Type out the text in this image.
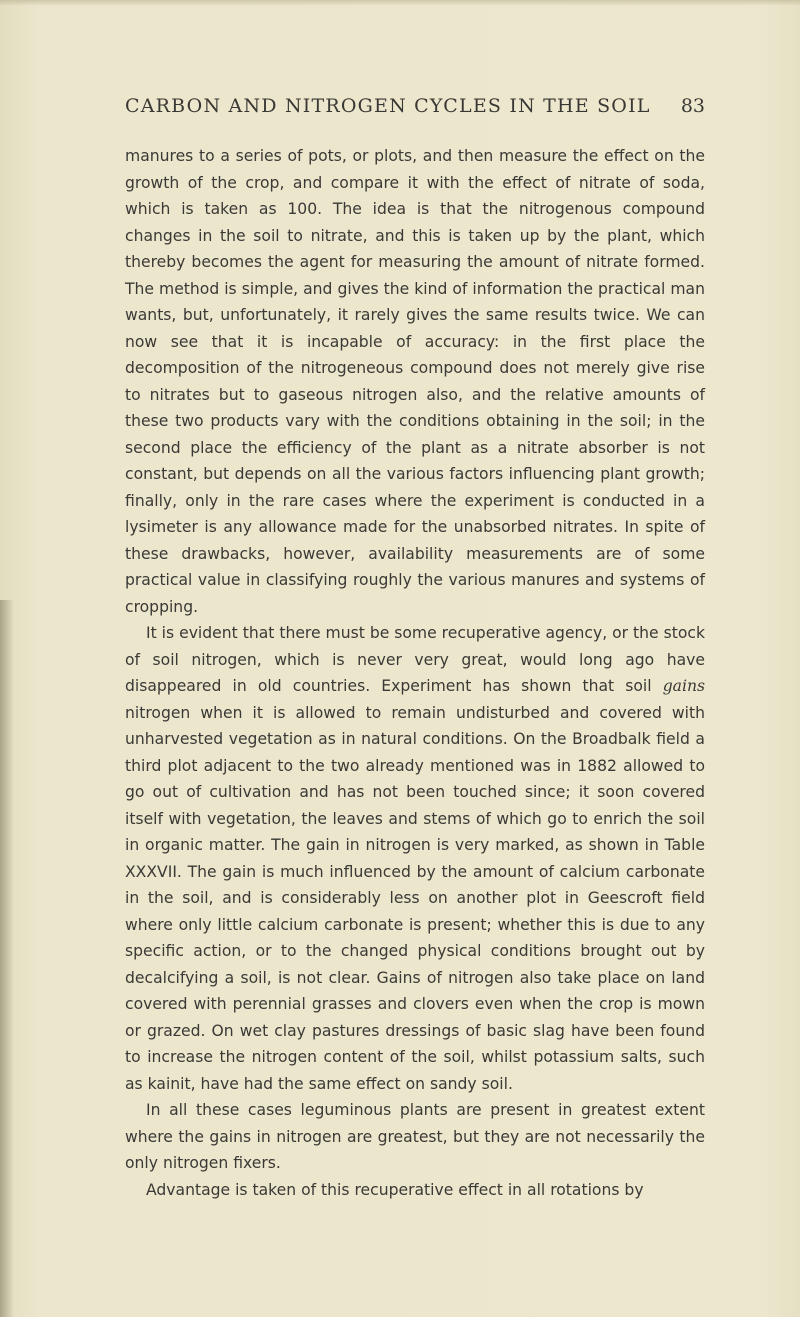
CARBON AND NITROGEN CYCLES IN THE SOIL 83

manures to a series of pots, or plots, and then measure the effect on the growth of the crop, and compare it with the effect of nitrate of soda, which is taken as 100. The idea is that the nitrogenous compound changes in the soil to nitrate, and this is taken up by the plant, which thereby becomes the agent for measuring the amount of nitrate formed. The method is simple, and gives the kind of information the practical man wants, but, unfortunately, it rarely gives the same results twice. We can now see that it is incapable of accuracy: in the first place the decomposition of the nitrogeneous compound does not merely give rise to nitrates but to gaseous nitrogen also, and the relative amounts of these two products vary with the conditions obtaining in the soil; in the second place the efficiency of the plant as a nitrate absorber is not constant, but depends on all the various factors influencing plant growth; finally, only in the rare cases where the experiment is conducted in a lysimeter is any allowance made for the unabsorbed nitrates. In spite of these drawbacks, however, availability measurements are of some practical value in classifying roughly the various manures and systems of cropping.

It is evident that there must be some recuperative agency, or the stock of soil nitrogen, which is never very great, would long ago have disappeared in old countries. Experiment has shown that soil gains nitrogen when it is allowed to remain undisturbed and covered with unharvested vegetation as in natural conditions. On the Broadbalk field a third plot adjacent to the two already mentioned was in 1882 allowed to go out of cultivation and has not been touched since; it soon covered itself with vegetation, the leaves and stems of which go to enrich the soil in organic matter. The gain in nitrogen is very marked, as shown in Table XXXVII. The gain is much influenced by the amount of calcium carbonate in the soil, and is considerably less on another plot in Geescroft field where only little calcium carbonate is present; whether this is due to any specific action, or to the changed physical conditions brought out by decalcifying a soil, is not clear. Gains of nitrogen also take place on land covered with perennial grasses and clovers even when the crop is mown or grazed. On wet clay pastures dressings of basic slag have been found to increase the nitrogen content of the soil, whilst potassium salts, such as kainit, have had the same effect on sandy soil.

In all these cases leguminous plants are present in greatest extent where the gains in nitrogen are greatest, but they are not necessarily the only nitrogen fixers.

Advantage is taken of this recuperative effect in all rotations by
